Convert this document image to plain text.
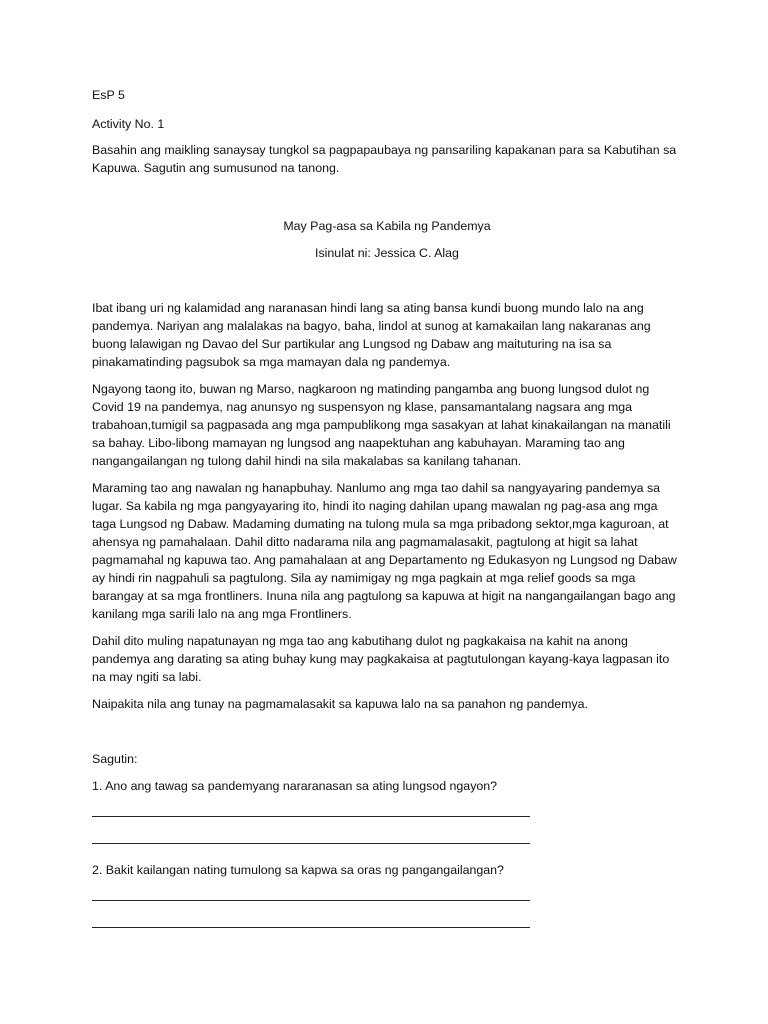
EsP 5

Activity No. 1

Basahin ang maikling sanaysay tungkol sa pagpapaubaya ng pansariling kapakanan para sa Kabutihan sa Kapuwa. Sagutin ang sumusunod na tanong.

May Pag-asa sa Kabila ng Pandemya

Isinulat ni: Jessica C. Alag

Ibat ibang uri ng kalamidad ang naranasan hindi lang sa ating bansa kundi buong mundo lalo na ang pandemya. Nariyan ang malalakas na bagyo, baha, lindol at sunog at kamakailan lang nakaranas ang buong lalawigan ng Davao del Sur partikular ang Lungsod ng Dabaw ang maituturing na isa sa pinakamatinding pagsubok sa mga mamayan dala ng pandemya.

Ngayong taong ito, buwan ng Marso, nagkaroon ng matinding pangamba ang buong lungsod dulot ng Covid 19 na pandemya, nag anunsyo ng suspensyon ng klase, pansamantalang nagsara ang mga trabahoan,tumigil sa pagpasada ang mga pampublikong mga sasakyan at lahat kinakailangan na manatili sa bahay. Libo-libong mamayan ng lungsod ang naapektuhan ang kabuhayan. Maraming tao ang nangangailangan ng tulong dahil hindi na sila makalabas sa kanilang tahanan.

Maraming tao ang nawalan ng hanapbuhay. Nanlumo ang mga tao dahil sa nangyayaring pandemya sa lugar. Sa kabila ng mga pangyayaring ito, hindi ito naging dahilan upang mawalan ng pag-asa ang mga taga Lungsod ng Dabaw. Madaming dumating na tulong mula sa mga pribadong sektor,mga kaguroan, at ahensya ng pamahalaan. Dahil ditto nadarama nila ang pagmamalasakit, pagtulong at higit sa lahat pagmamahal ng kapuwa tao. Ang pamahalaan at ang Departamento ng Edukasyon ng Lungsod ng Dabaw ay hindi rin nagpahuli sa pagtulong. Sila ay namimigay ng mga pagkain at mga relief goods sa mga barangay at sa mga frontliners. Inuna nila ang pagtulong sa kapuwa at higit na nangangailangan bago ang kanilang mga sarili lalo na ang mga Frontliners.

Dahil dito muling napatunayan ng mga tao ang kabutihang dulot ng pagkakaisa na kahit na anong pandemya ang darating sa ating buhay kung may pagkakaisa at pagtutulongan kayang-kaya lagpasan ito na may ngiti sa labi.

Naipakita nila ang tunay na pagmamalasakit sa kapuwa lalo na sa panahon ng pandemya.

Sagutin:

1. Ano ang tawag sa pandemyang nararanasan sa ating lungsod ngayon?

2. Bakit kailangan nating tumulong sa kapwa sa oras ng pangangailangan?
